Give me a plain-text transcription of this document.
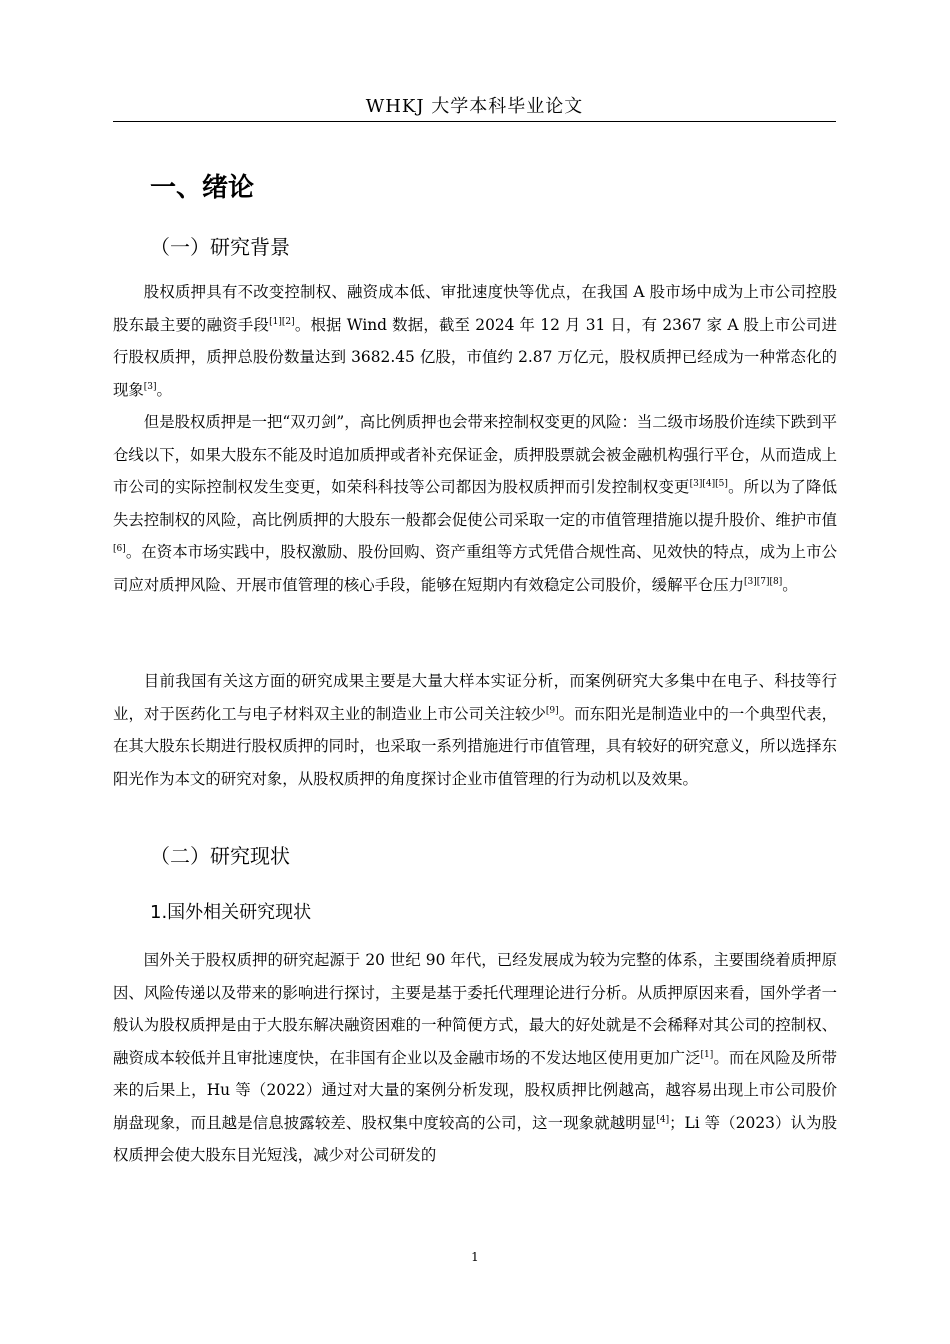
WHKJ 大学本科毕业论文
一、绪论
（一）研究背景

股权质押具有不改变控制权、融资成本低、审批速度快等优点，在我国 A 股市场中成为上市公司控股股东最主要的融资手段[1][2]。根据 Wind 数据，截至 2024 年 12 月 31 日，有 2367 家 A 股上市公司进行股权质押，质押总股份数量达到 3682.45 亿股，市值约 2.87 万亿元，股权质押已经成为一种常态化的现象[3]。

但是股权质押是一把“双刃剑”，高比例质押也会带来控制权变更的风险：当二级市场股价连续下跌到平仓线以下，如果大股东不能及时追加质押或者补充保证金，质押股票就会被金融机构强行平仓，从而造成上市公司的实际控制权发生变更，如荣科科技等公司都因为股权质押而引发控制权变更[3][4][5]。所以为了降低失去控制权的风险，高比例质押的大股东一般都会促使公司采取一定的市值管理措施以提升股价、维护市值[6]。在资本市场实践中，股权激励、股份回购、资产重组等方式凭借合规性高、见效快的特点，成为上市公司应对质押风险、开展市值管理的核心手段，能够在短期内有效稳定公司股价，缓解平仓压力[3][7][8]。

目前我国有关这方面的研究成果主要是大量大样本实证分析，而案例研究大多集中在电子、科技等行业，对于医药化工与电子材料双主业的制造业上市公司关注较少[9]。而东阳光是制造业中的一个典型代表，在其大股东长期进行股权质押的同时，也采取一系列措施进行市值管理，具有较好的研究意义，所以选择东阳光作为本文的研究对象，从股权质押的角度探讨企业市值管理的行为动机以及效果。

（二）研究现状
1.国外相关研究现状

国外关于股权质押的研究起源于 20 世纪 90 年代，已经发展成为较为完整的体系，主要围绕着质押原因、风险传递以及带来的影响进行探讨，主要是基于委托代理理论进行分析。从质押原因来看，国外学者一般认为股权质押是由于大股东解决融资困难的一种简便方式，最大的好处就是不会稀释对其公司的控制权、融资成本较低并且审批速度快，在非国有企业以及金融市场的不发达地区使用更加广泛[1]。而在风险及所带来的后果上，Hu 等（2022）通过对大量的案例分析发现，股权质押比例越高，越容易出现上市公司股价崩盘现象，而且越是信息披露较差、股权集中度较高的公司，这一现象就越明显[4]；Li 等（2023）认为股权质押会使大股东目光短浅，减少对公司研发的

1
